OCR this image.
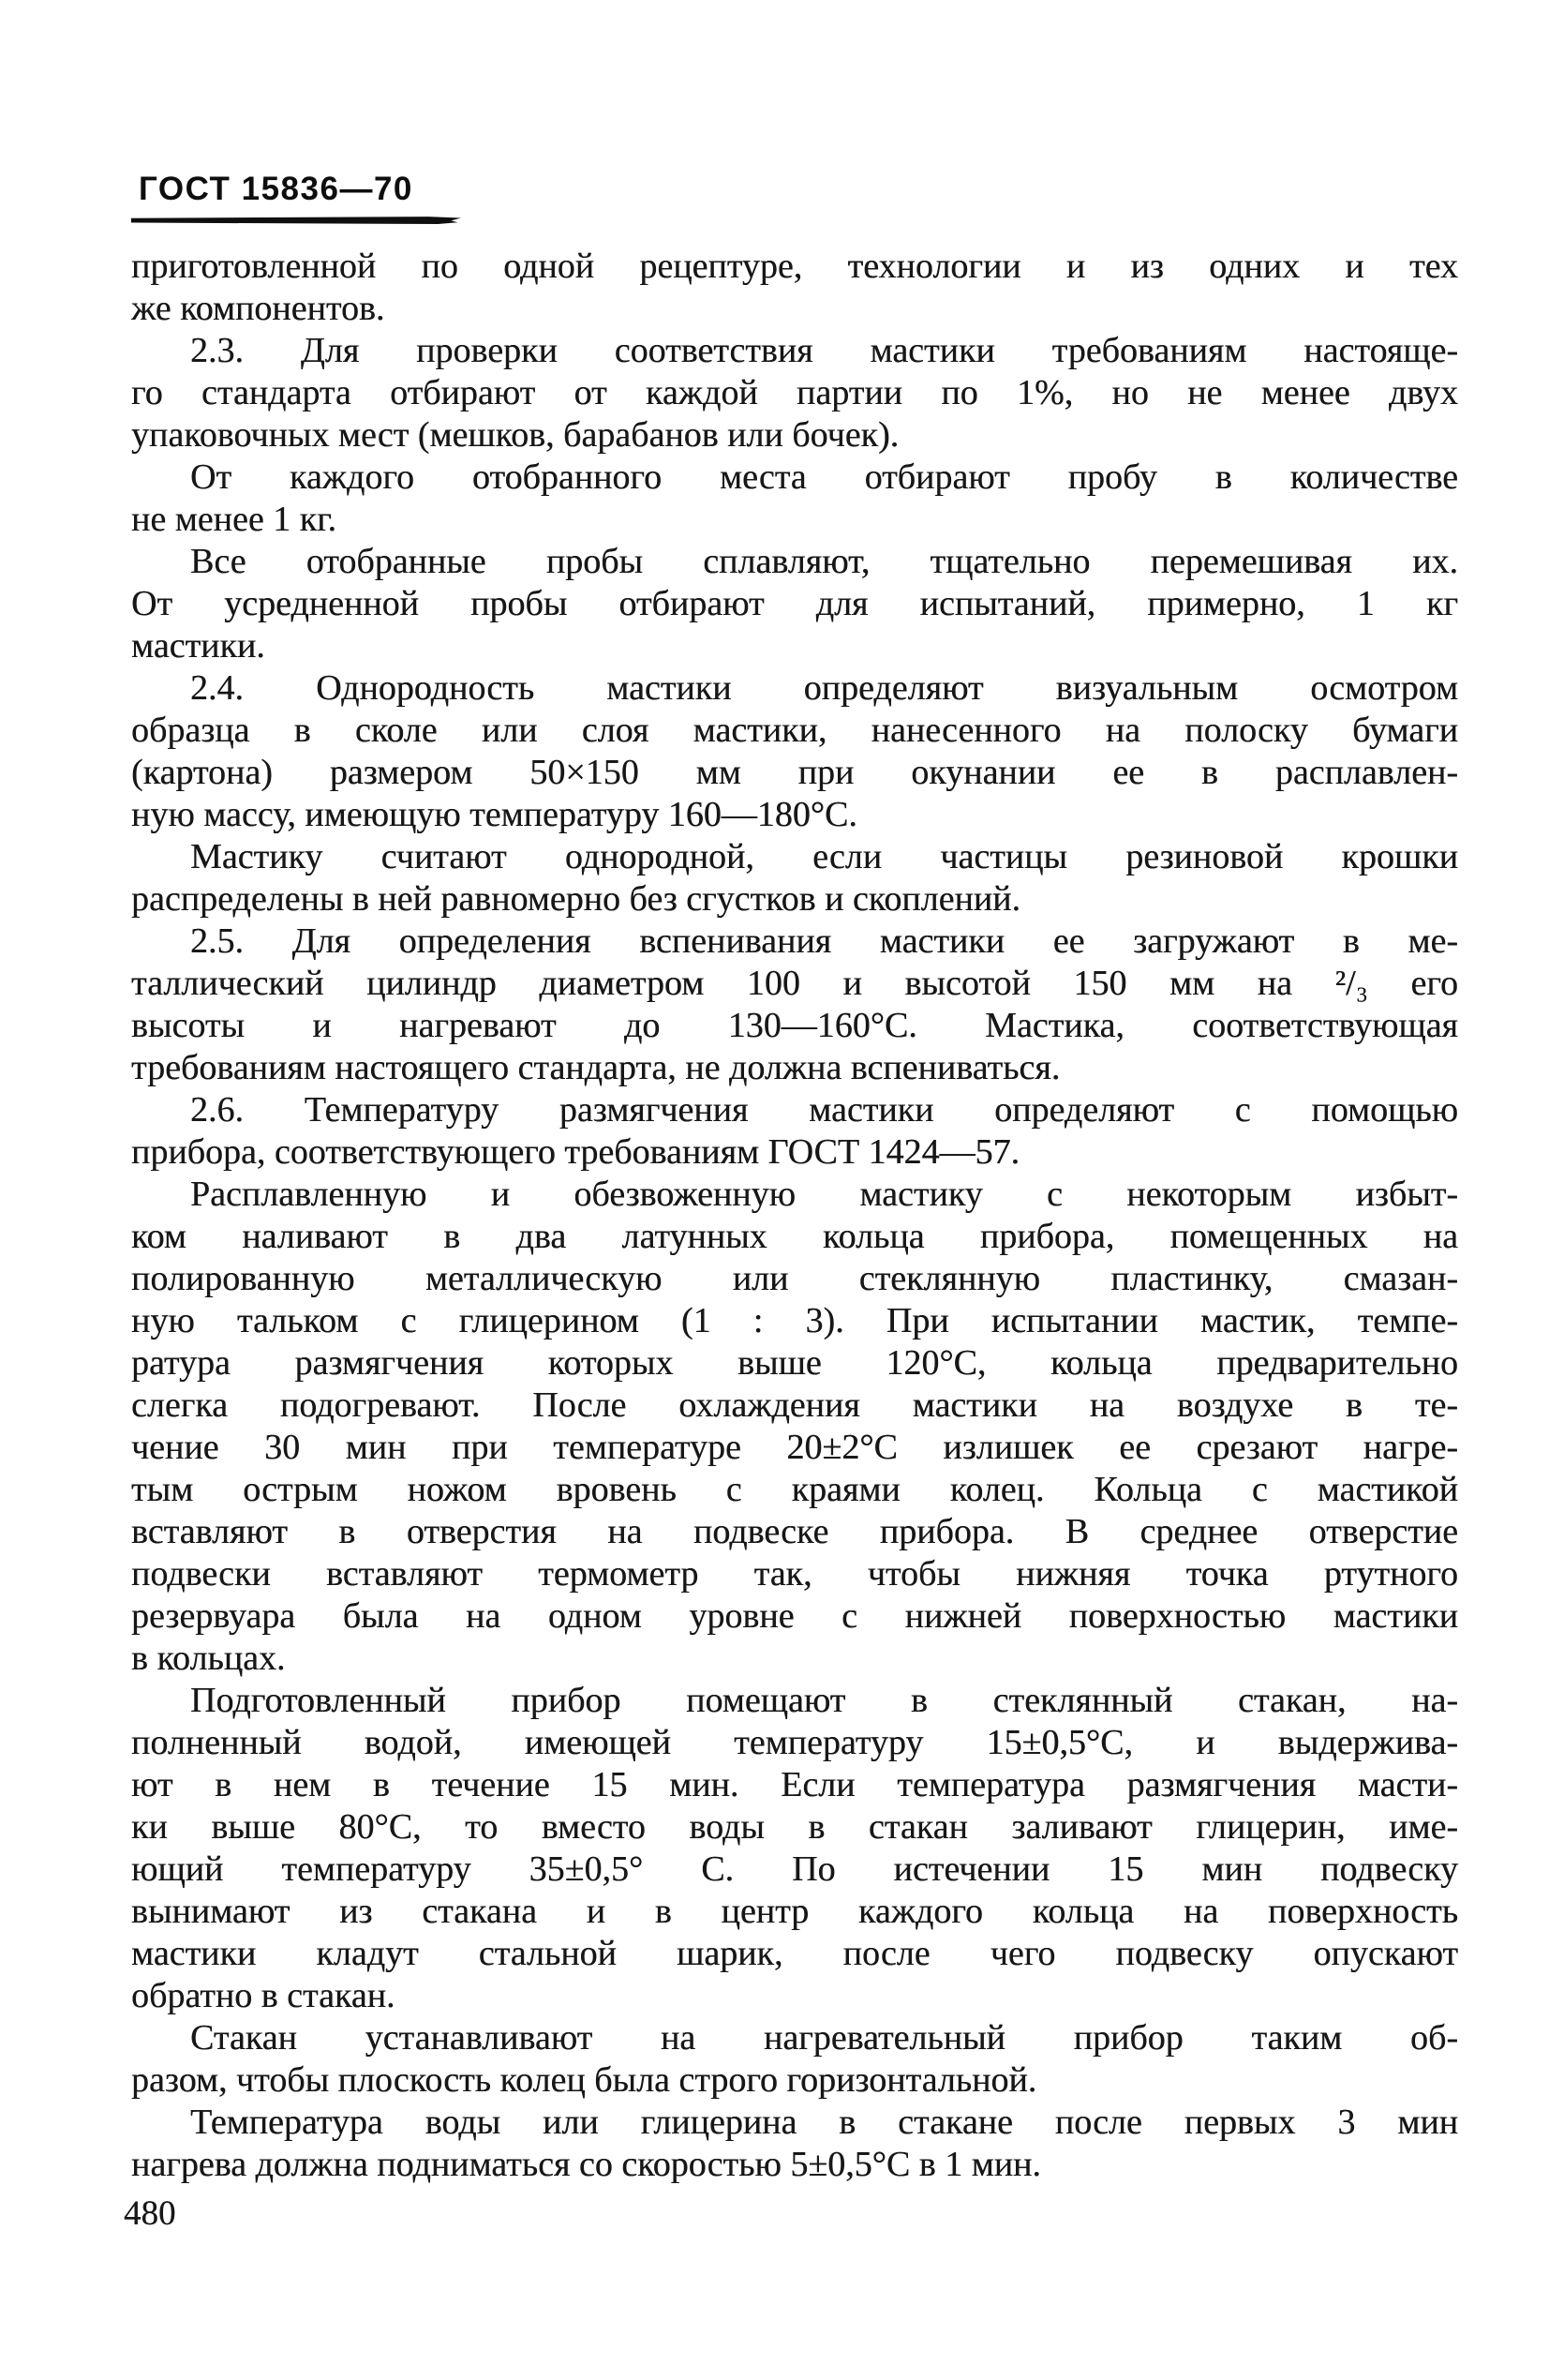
ГОСТ 15836—70
приготовленной по одной рецептуре, технологии и из одних и тех
же компонентов.
2.3. Для проверки соответствия мастики требованиям настояще-
го стандарта отбирают от каждой партии по 1%, но не менее двух
упаковочных мест (мешков, барабанов или бочек).
От каждого отобранного места отбирают пробу в количестве
не менее 1 кг.
Все отобранные пробы сплавляют, тщательно перемешивая их.
От усредненной пробы отбирают для испытаний, примерно, 1 кг
мастики.
2.4. Однородность мастики определяют визуальным осмотром
образца в сколе или слоя мастики, нанесенного на полоску бумаги
(картона) размером 50×150 мм при окунании ее в расплавлен-
ную массу, имеющую температуру 160—180°С.
Мастику считают однородной, если частицы резиновой крошки
распределены в ней равномерно без сгустков и скоплений.
2.5. Для определения вспенивания мастики ее загружают в ме-
таллический цилиндр диаметром 100 и высотой 150 мм на ²/₃ его
высоты и нагревают до 130—160°С. Мастика, соответствующая
требованиям настоящего стандарта, не должна вспениваться.
2.6. Температуру размягчения мастики определяют с помощью
прибора, соответствующего требованиям ГОСТ 1424—57.
Расплавленную и обезвоженную мастику с некоторым избыт-
ком наливают в два латунных кольца прибора, помещенных на
полированную металлическую или стеклянную пластинку, смазан-
ную тальком с глицерином (1 : 3). При испытании мастик, темпе-
ратура размягчения которых выше 120°С, кольца предварительно
слегка подогревают. После охлаждения мастики на воздухе в те-
чение 30 мин при температуре 20±2°С излишек ее срезают нагре-
тым острым ножом вровень с краями колец. Кольца с мастикой
вставляют в отверстия на подвеске прибора. В среднее отверстие
подвески вставляют термометр так, чтобы нижняя точка ртутного
резервуара была на одном уровне с нижней поверхностью мастики
в кольцах.
Подготовленный прибор помещают в стеклянный стакан, на-
полненный водой, имеющей температуру 15±0,5°С, и выдержива-
ют в нем в течение 15 мин. Если температура размягчения масти-
ки выше 80°С, то вместо воды в стакан заливают глицерин, име-
ющий температуру 35±0,5° С. По истечении 15 мин подвеску
вынимают из стакана и в центр каждого кольца на поверхность
мастики кладут стальной шарик, после чего подвеску опускают
обратно в стакан.
Стакан устанавливают на нагревательный прибор таким об-
разом, чтобы плоскость колец была строго горизонтальной.
Температура воды или глицерина в стакане после первых 3 мин
нагрева должна подниматься со скоростью 5±0,5°С в 1 мин.
480
